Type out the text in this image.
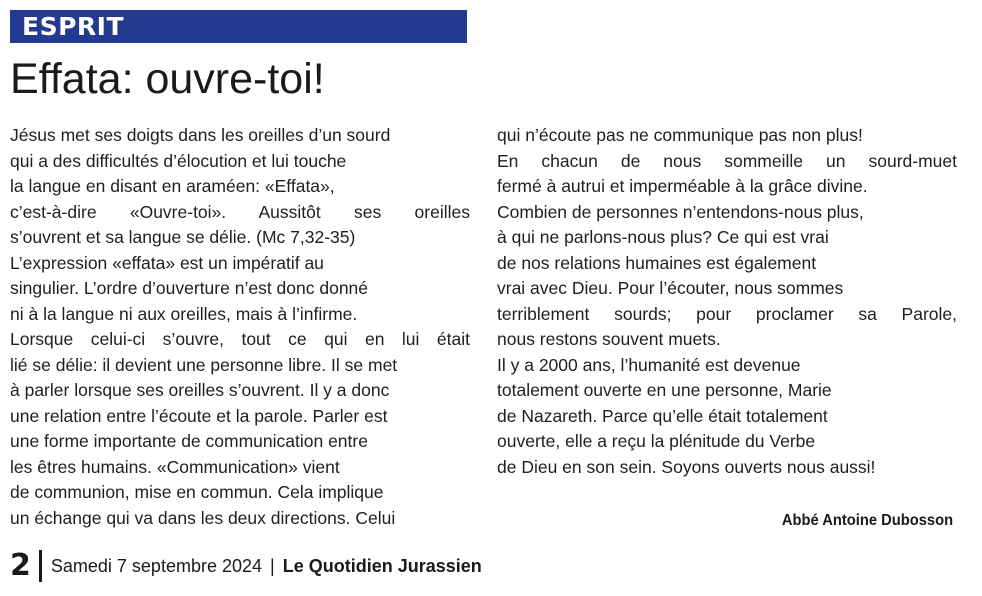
ESPRIT
Effata: ouvre-toi!
Jésus met ses doigts dans les oreilles d’un sourd
qui a des difficultés d’élocution et lui touche
la langue en disant en araméen: «Effata»,
c’est-à-dire «Ouvre-toi». Aussitôt ses oreilles
s’ouvrent et sa langue se délie. (Mc 7,32-35)
L’expression «effata» est un impératif au
singulier. L’ordre d’ouverture n’est donc donné
ni à la langue ni aux oreilles, mais à l’infirme.
Lorsque celui-ci s’ouvre, tout ce qui en lui était
lié se délie: il devient une personne libre. Il se met
à parler lorsque ses oreilles s’ouvrent. Il y a donc
une relation entre l’écoute et la parole. Parler est
une forme importante de communication entre
les êtres humains. «Communication» vient
de communion, mise en commun. Cela implique
un échange qui va dans les deux directions. Celui
qui n’écoute pas ne communique pas non plus!
En chacun de nous sommeille un sourd-muet
fermé à autrui et imperméable à la grâce divine.
Combien de personnes n’entendons-nous plus,
à qui ne parlons-nous plus? Ce qui est vrai
de nos relations humaines est également
vrai avec Dieu. Pour l’écouter, nous sommes
terriblement sourds; pour proclamer sa Parole,
nous restons souvent muets.
Il y a 2000 ans, l’humanité est devenue
totalement ouverte en une personne, Marie
de Nazareth. Parce qu’elle était totalement
ouverte, elle a reçu la plénitude du Verbe
de Dieu en son sein. Soyons ouverts nous aussi!
Abbé Antoine Dubosson
2 Samedi 7 septembre 2024 | Le Quotidien Jurassien
